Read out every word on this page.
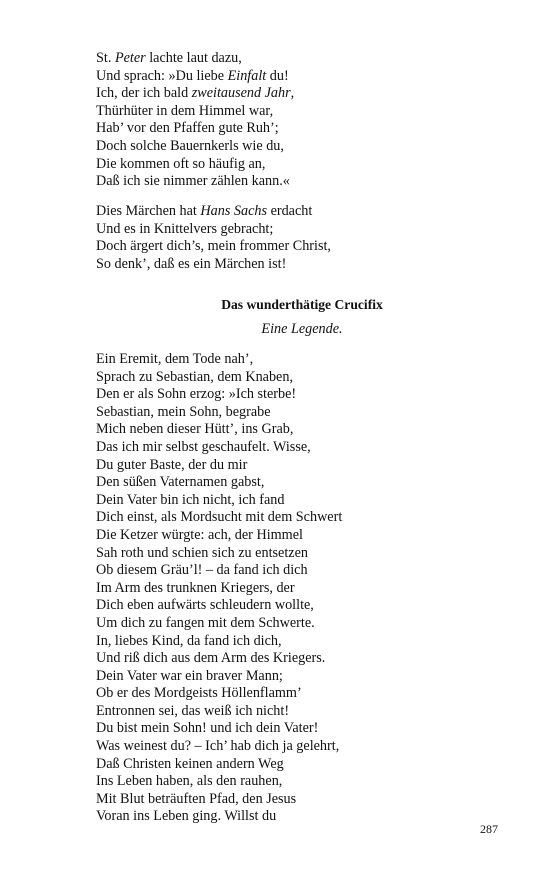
St. Peter lachte laut dazu,
Und sprach: »Du liebe Einfalt du!
Ich, der ich bald zweitausend Jahr,
Thürhüter in dem Himmel war,
Hab’ vor den Pfaffen gute Ruh’;
Doch solche Bauernkerls wie du,
Die kommen oft so häufig an,
Daß ich sie nimmer zählen kann.«
Dies Märchen hat Hans Sachs erdacht
Und es in Knittelvers gebracht;
Doch ärgert dich’s, mein frommer Christ,
So denk’, daß es ein Märchen ist!
Das wunderthätige Crucifix
Eine Legende.
Ein Eremit, dem Tode nah’,
Sprach zu Sebastian, dem Knaben,
Den er als Sohn erzog: »Ich sterbe!
Sebastian, mein Sohn, begrabe
Mich neben dieser Hütt’, ins Grab,
Das ich mir selbst geschaufelt. Wisse,
Du guter Baste, der du mir
Den süßen Vaternamen gabst,
Dein Vater bin ich nicht, ich fand
Dich einst, als Mordsucht mit dem Schwert
Die Ketzer würgte: ach, der Himmel
Sah roth und schien sich zu entsetzen
Ob diesem Gräu’l! – da fand ich dich
Im Arm des trunknen Kriegers, der
Dich eben aufwärts schleudern wollte,
Um dich zu fangen mit dem Schwerte.
In, liebes Kind, da fand ich dich,
Und riß dich aus dem Arm des Kriegers.
Dein Vater war ein braver Mann;
Ob er des Mordgeists Höllenflamm’
Entronnen sei, das weiß ich nicht!
Du bist mein Sohn! und ich dein Vater!
Was weinest du? – Ich’ hab dich ja gelehrt,
Daß Christen keinen andern Weg
Ins Leben haben, als den rauhen,
Mit Blut beträuften Pfad, den Jesus
Voran ins Leben ging. Willst du
287
